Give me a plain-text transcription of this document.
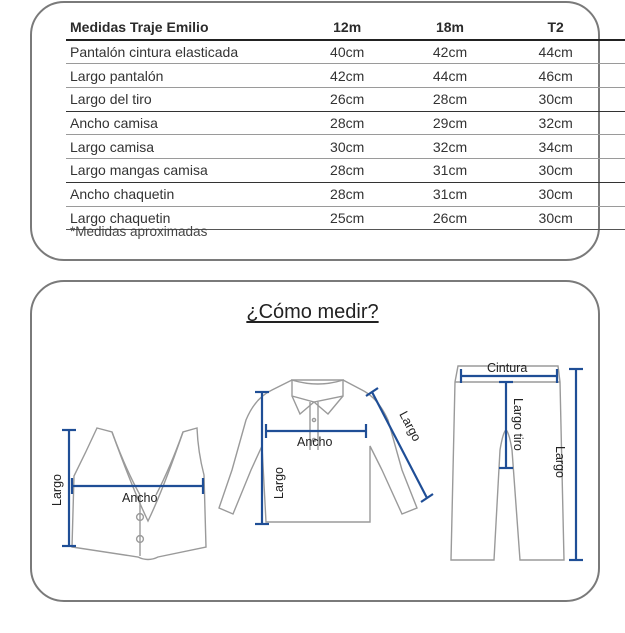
Medidas Traje Emilio	12m	18m	T2
Pantalón cintura elasticada	40cm	42cm	44cm
Largo pantalón	42cm	44cm	46cm
Largo del tiro	26cm	28cm	30cm
Ancho camisa	28cm	29cm	32cm
Largo camisa	30cm	32cm	34cm
Largo mangas camisa	28cm	31cm	30cm
Ancho chaquetin	28cm	31cm	30cm
Largo chaquetin	25cm	26cm	30cm
*Medidas aproximadas
¿Cómo medir?
Largo	Ancho
Ancho
Largo
Largo
Cintura
Largo tiro
Largo
